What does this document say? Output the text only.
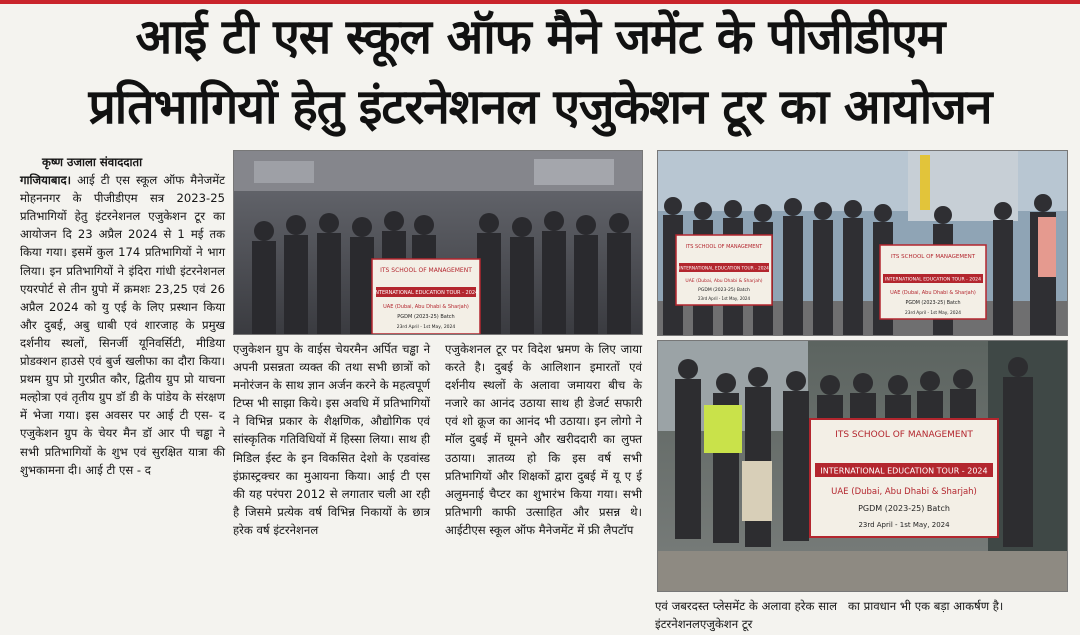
आई टी एस स्कूल ऑफ मैने जमेंट के पीजीडीएम
प्रतिभागियों हेतु इंटरनेशनल एजुकेशन टूर का आयोजन
कृष्ण उजाला संवाददाता

गाजियाबाद। आई टी एस स्कूल ऑफ मैनेजमेंट मोहननगर के पीजीडीएम सत्र 2023-25 प्रतिभागियों हेतु इंटरनेशनल एजुकेशन टूर का आयोजन दि 23 अप्रैल 2024 से 1 मई तक किया गया। इसमें कुल 174 प्रतिभागियों ने भाग लिया। इन प्रतिभागियों ने इंदिरा गांधी इंटरनेशनल एयरपोर्ट से तीन ग्रुपो में क्रमशः 23,25 एवं 26 अप्रैल 2024 को यु एई के लिए प्रस्थान किया और दुबई, अबु धाबी एवं शारजाह के प्रमुख दर्शनीय स्थलों, सिनर्जी यूनिवर्सिटी, मीडिया प्रोडक्शन हाउसे एवं बुर्ज खलीफा का दौरा किया। प्रथम ग्रुप प्रो गुरप्रीत कौर, द्वितीय ग्रुप प्रो याचना मल्होत्रा एवं तृतीय ग्रुप डॉ डी के पांडेय के संरक्षण में भेजा गया। इस अवसर पर आई टी एस- द एजुकेशन ग्रुप के चेयर मैन डॉ आर पी चड्ढा ने सभी प्रतिभागियों के शुभ एवं सुरक्षित यात्रा की शुभकामना दी। आई टी एस - द

ITS SCHOOL OF MANAGEMENT
INTERNATIONAL EDUCATION TOUR - 2024
UAE (Dubai, Abu Dhabi & Sharjah)
PGDM (2023-25) Batch
23rd April - 1st May, 2024
ITS SCHOOL OF MANAGEMENT
INTERNATIONAL EDUCATION TOUR - 2024
UAE (Dubai, Abu Dhabi & Sharjah)
PGDM (2023-25) Batch
23rd April - 1st May, 2024
ITS SCHOOL OF MANAGEMENT
INTERNATIONAL EDUCATION TOUR - 2024
UAE (Dubai, Abu Dhabi & Sharjah)
PGDM (2023-25) Batch
23rd April - 1st May, 2024
ITS SCHOOL OF MANAGEMENT
INTERNATIONAL EDUCATION TOUR - 2024
UAE (Dubai, Abu Dhabi & Sharjah)
PGDM (2023-25) Batch
23rd April - 1st May, 2024

एजुकेशन ग्रुप के वाईस चेयरमैन अर्पित चड्ढा ने अपनी प्रसन्नता व्यक्त की तथा सभी छात्रों को मनोरंजन के साथ ज्ञान अर्जन करने के महत्वपूर्ण टिप्स भी साझा किये। इस अवधि में प्रतिभागियों ने विभिन्न प्रकार के शैक्षणिक, औद्योगिक एवं सांस्कृतिक गतिविधियों में हिस्सा लिया। साथ ही मिडिल ईस्ट के इन विकसित देशो के एडवांस्ड इंफ्रास्ट्रक्चर का मुआयना किया। आई टी एस की यह परंपरा 2012 से लगातार चली आ रही है जिसमे प्रत्येक वर्ष विभिन्न निकायों के छात्र हरेक वर्ष इंटरनेशनल

एजुकेशनल टूर पर विदेश भ्रमण के लिए जाया करते है। दुबई के आलिशान इमारतों एवं दर्शनीय स्थलों के अलावा जमायरा बीच के नजारे का आनंद उठाया साथ ही डेजर्ट सफारी एवं शो क्रूज का आनंद भी उठाया। इन लोगो ने मॉल दुबई में घूमने और खरीददारी का लुफ्त उठाया। ज्ञातव्य हो कि इस वर्ष सभी प्रतिभागियों और शिक्षकों द्वारा दुबई में यू ए ई अलुमनाई चैप्टर का शुभारंभ किया गया। सभी प्रतिभागी काफी उत्साहित और प्रसन्न थे। आईटीएस स्कूल ऑफ मैनेजमेंट में फ्री लैपटॉप

एवं जबरदस्त प्लेसमेंट के अलावा हरेक साल इंटरनेशनलएजुकेशन टूर

का प्रावधान भी एक बड़ा आकर्षण है।
